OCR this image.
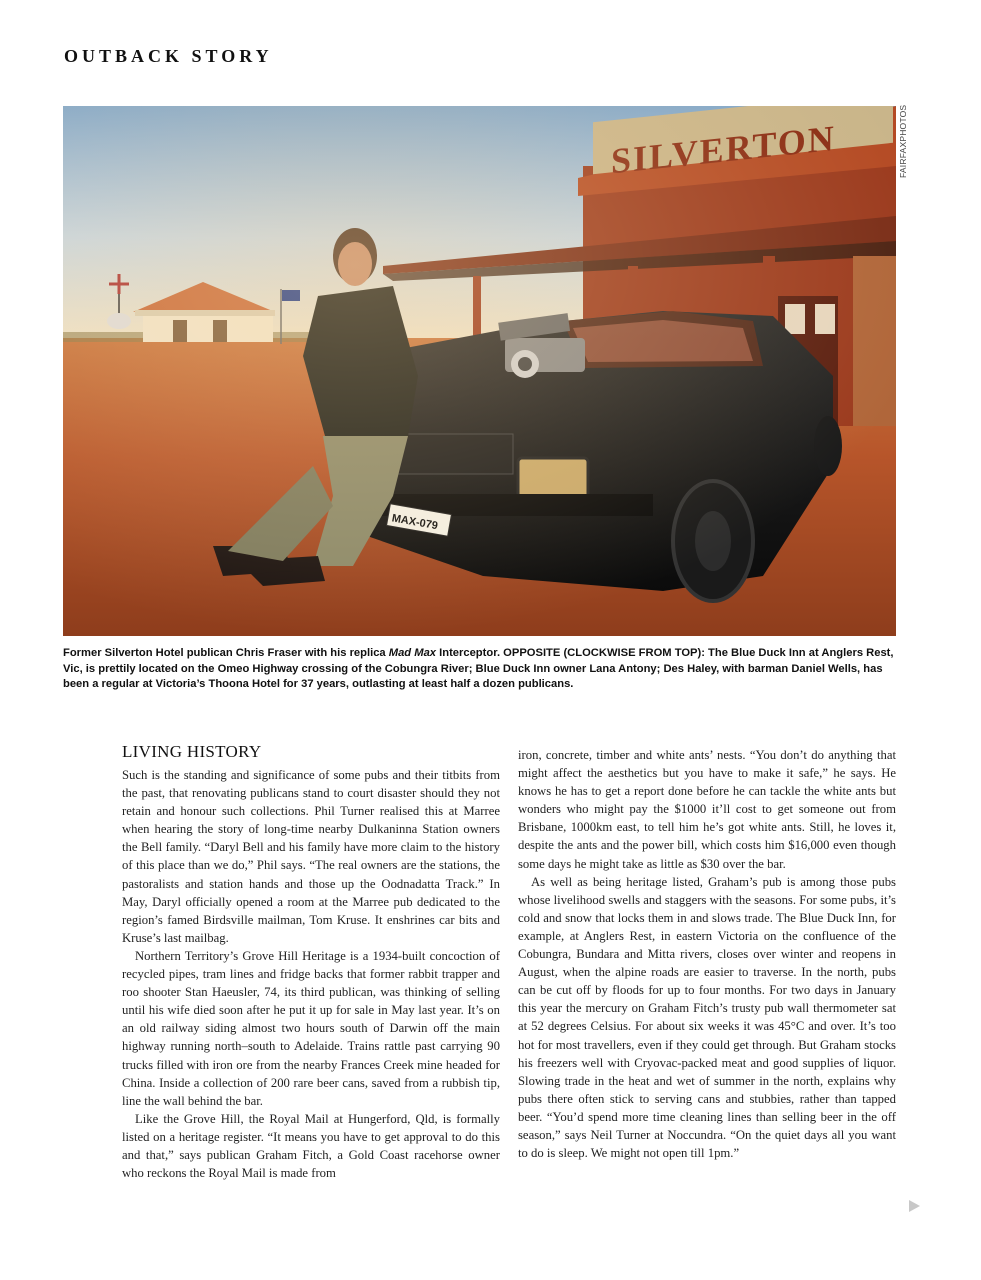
OUTBACK STORY
FAIRFAXPHOTOS
Former Silverton Hotel publican Chris Fraser with his replica Mad Max Interceptor. OPPOSITE (CLOCKWISE FROM TOP): The Blue Duck Inn at Anglers Rest, Vic, is prettily located on the Omeo Highway crossing of the Cobungra River; Blue Duck Inn owner Lana Antony; Des Haley, with barman Daniel Wells, has been a regular at Victoria’s Thoona Hotel for 37 years, outlasting at least half a dozen publicans.
LIVING HISTORY

Such is the standing and significance of some pubs and their titbits from the past, that renovating publicans stand to court disaster should they not retain and honour such collections. Phil Turner realised this at Marree when hearing the story of long-time nearby Dulkaninna Station owners the Bell family. “Daryl Bell and his family have more claim to the history of this place than we do,” Phil says. “The real owners are the stations, the pastoralists and station hands and those up the Oodnadatta Track.” In May, Daryl officially opened a room at the Marree pub dedicated to the region’s famed Birdsville mailman, Tom Kruse. It enshrines car bits and Kruse’s last mailbag.

Northern Territory’s Grove Hill Heritage is a 1934-built concoction of recycled pipes, tram lines and fridge backs that former rabbit trapper and roo shooter Stan Haeusler, 74, its third publican, was thinking of selling until his wife died soon after he put it up for sale in May last year. It’s on an old railway siding almost two hours south of Darwin off the main highway running north–south to Adelaide. Trains rattle past carrying 90 trucks filled with iron ore from the nearby Frances Creek mine headed for China. Inside a collection of 200 rare beer cans, saved from a rubbish tip, line the wall behind the bar.

Like the Grove Hill, the Royal Mail at Hungerford, Qld, is formally listed on a heritage register. “It means you have to get approval to do this and that,” says publican Graham Fitch, a Gold Coast racehorse owner who reckons the Royal Mail is made from

iron, concrete, timber and white ants’ nests. “You don’t do anything that might affect the aesthetics but you have to make it safe,” he says. He knows he has to get a report done before he can tackle the white ants but wonders who might pay the $1000 it’ll cost to get someone out from Brisbane, 1000km east, to tell him he’s got white ants. Still, he loves it, despite the ants and the power bill, which costs him $16,000 even though some days he might take as little as $30 over the bar.

As well as being heritage listed, Graham’s pub is among those pubs whose livelihood swells and staggers with the seasons. For some pubs, it’s cold and snow that locks them in and slows trade. The Blue Duck Inn, for example, at Anglers Rest, in eastern Victoria on the confluence of the Cobungra, Bundara and Mitta rivers, closes over winter and reopens in August, when the alpine roads are easier to traverse. In the north, pubs can be cut off by floods for up to four months. For two days in January this year the mercury on Graham Fitch’s trusty pub wall thermometer sat at 52 degrees Celsius. For about six weeks it was 45°C and over. It’s too hot for most travellers, even if they could get through. But Graham stocks his freezers well with Cryovac-packed meat and good supplies of liquor. Slowing trade in the heat and wet of summer in the north, explains why pubs there often stick to serving cans and stubbies, rather than tapped beer. “You’d spend more time cleaning lines than selling beer in the off season,” says Neil Turner at Noccundra. “On the quiet days all you want to do is sleep. We might not open till 1pm.”
